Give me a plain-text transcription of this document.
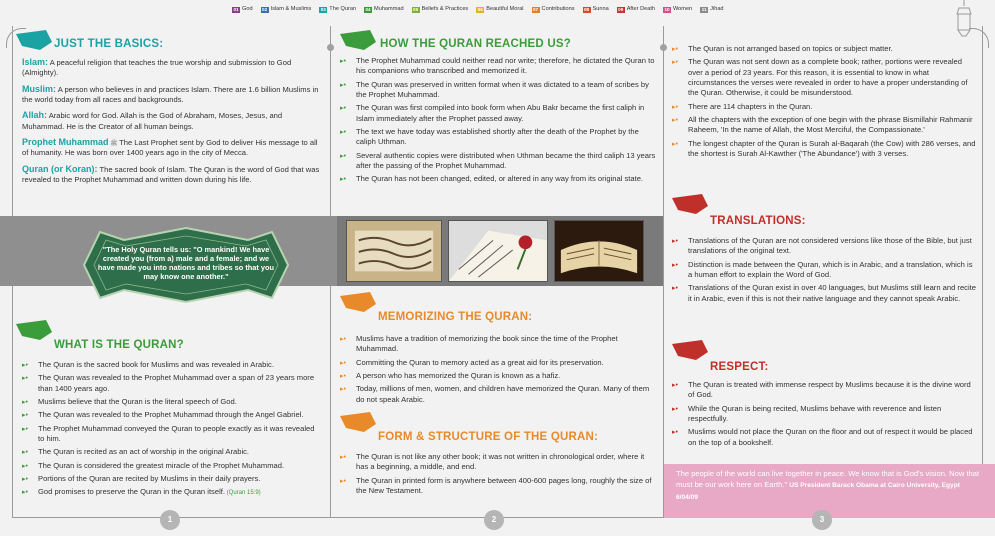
01 God	02 Islam & Muslims	03 The Quran	04 Muhammad	05 Beliefs & Practices	06 Beautiful Moral	07 Contributions	08 Sunna	09 After Death	10 Women	11 Jihad
"The Holy Quran tells us: "O mankind! We have created you (from a) male and a female; and we have made you into nations and tribes so that you may know one another."
JUST THE BASICS:
Islam: A peaceful religion that teaches the true worship and submission to God (Almighty).
Muslim: A person who believes in and practices Islam. There are 1.6 billion Muslims in the world today from all races and backgrounds.
Allah: Arabic word for God. Allah is the God of Abraham, Moses, Jesus, and Muhammad. He is the Creator of all human beings.
Prophet Muhammad ﷺ The Last Prophet sent by God to deliver His message to all of humanity. He was born over 1400 years ago in the city of Mecca.
Quran (or Koran): The sacred book of Islam. The Quran is the word of God that was revealed to the Prophet Muhammad and written down during his life.
WHAT IS THE QURAN?
▸• The Quran is the sacred book for Muslims and was revealed in Arabic.
▸• The Quran was revealed to the Prophet Muhammad over a span of 23 years more than 1400 years ago.
▸• Muslims believe that the Quran is the literal speech of God.
▸• The Quran was revealed to the Prophet Muhammad through the Angel Gabriel.
▸• The Prophet Muhammad conveyed the Quran to people exactly as it was revealed to him.
▸• The Quran is recited as an act of worship in the original Arabic.
▸• The Quran is considered the greatest miracle of the Prophet Muhammad.
▸• Portions of the Quran are recited by Muslims in their daily prayers.
▸• God promises to preserve the Quran in the Quran itself. (Quran 15:9)
HOW THE QURAN REACHED US?
▸• The Prophet Muhammad could neither read nor write; therefore, he dictated the Quran to his companions who transcribed and memorized it.
▸• The Quran was preserved in written format when it was dictated to a team of scribes by the Prophet Muhammad.
▸• The Quran was first compiled into book form when Abu Bakr became the first caliph in Islam immediately after the Prophet passed away.
▸• The text we have today was established shortly after the death of the Prophet by the caliph Uthman.
▸• Several authentic copies were distributed when Uthman became the third caliph 13 years after the passing of the Prophet Muhammad.
▸• The Quran has not been changed, edited, or altered in any way from its original state.
MEMORIZING THE QURAN:
▸• Muslims have a tradition of memorizing the book since the time of the Prophet Muhammad.
▸• Committing the Quran to memory acted as a great aid for its preservation.
▸• A person who has memorized the Quran is known as a hafiz.
▸• Today, millions of men, women, and children have memorized the Quran. Many of them do not speak Arabic.
FORM & STRUCTURE OF THE QURAN:
▸• The Quran is not like any other book; it was not written in chronological order, where it has a beginning, a middle, and end.
▸• The Quran in printed form is anywhere between 400-600 pages long, roughly the size of the New Testament.
▸• The Quran is not arranged based on topics or subject matter.
▸• The Quran was not sent down as a complete book; rather, portions were revealed over a period of 23 years. For this reason, it is essential to know in what circumstances the verses were revealed in order to have a proper understanding of the Quran. Otherwise, it could be misunderstood.
▸• There are 114 chapters in the Quran.
▸• All the chapters with the exception of one begin with the phrase Bismillahir Rahmanir Raheem, 'In the name of Allah, the Most Merciful, the Compassionate.'
▸• The longest chapter of the Quran is Surah al-Baqarah (the Cow) with 286 verses, and the shortest is Surah Al-Kawther ('The Abundance') with 3 verses.
TRANSLATIONS:
▸• Translations of the Quran are not considered versions like those of the Bible, but just translations of the original text.
▸• Distinction is made between the Quran, which is in Arabic, and a translation, which is a human effort to explain the Word of God.
▸• Translations of the Quran exist in over 40 languages, but Muslims still learn and recite it in Arabic, even if this is not their native language and they cannot speak Arabic.
RESPECT:
▸• The Quran is treated with immense respect by Muslims because it is the divine word of God.
▸• While the Quran is being recited, Muslims behave with reverence and listen respectfully.
▸• Muslims would not place the Quran on the floor and out of respect it would be placed on the top of a bookshelf.
The people of the world can live together in peace. We know that is God's vision. Now that must be our work here on Earth." US President Barack Obama at Cairo University, Egypt 6/04/09
1	2	3
